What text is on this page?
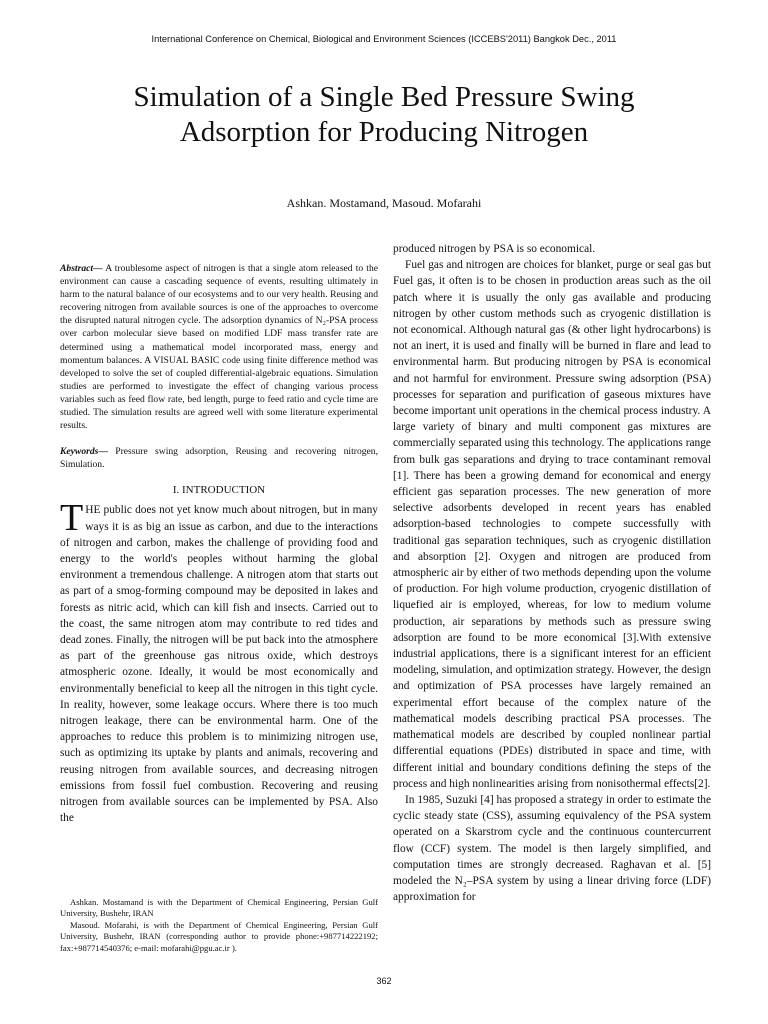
International Conference on Chemical, Biological and Environment Sciences (ICCEBS'2011) Bangkok Dec., 2011
Simulation of a Single Bed Pressure Swing
Adsorption for Producing Nitrogen
Ashkan. Mostamand, Masoud. Mofarahi

Abstract— A troublesome aspect of nitrogen is that a single atom released to the environment can cause a cascading sequence of events, resulting ultimately in harm to the natural balance of our ecosystems and to our very health. Reusing and recovering nitrogen from available sources is one of the approaches to overcome the disrupted natural nitrogen cycle. The adsorption dynamics of N₂-PSA process over carbon molecular sieve based on modified LDF mass transfer rate are determined using a mathematical model incorporated mass, energy and momentum balances. A VISUAL BASIC code using finite difference method was developed to solve the set of coupled differential-algebraic equations. Simulation studies are performed to investigate the effect of changing various process variables such as feed flow rate, bed length, purge to feed ratio and cycle time are studied. The simulation results are agreed well with some literature experimental results.

Keywords— Pressure swing adsorption, Reusing and recovering nitrogen, Simulation.

I. INTRODUCTION

THE public does not yet know much about nitrogen, but in many ways it is as big an issue as carbon, and due to the interactions of nitrogen and carbon, makes the challenge of providing food and energy to the world's peoples without harming the global environment a tremendous challenge. A nitrogen atom that starts out as part of a smog-forming compound may be deposited in lakes and forests as nitric acid, which can kill fish and insects. Carried out to the coast, the same nitrogen atom may contribute to red tides and dead zones. Finally, the nitrogen will be put back into the atmosphere as part of the greenhouse gas nitrous oxide, which destroys atmospheric ozone. Ideally, it would be most economically and environmentally beneficial to keep all the nitrogen in this tight cycle. In reality, however, some leakage occurs. Where there is too much nitrogen leakage, there can be environmental harm. One of the approaches to reduce this problem is to minimizing nitrogen use, such as optimizing its uptake by plants and animals, recovering and reusing nitrogen from available sources, and decreasing nitrogen emissions from fossil fuel combustion. Recovering and reusing nitrogen from available sources can be implemented by PSA. Also the

Ashkan. Mostamand is with the Department of Chemical Engineering, Persian Gulf University, Bushehr, IRAN

Masoud. Mofarahi, is with the Department of Chemical Engineering, Persian Gulf University, Bushehr, IRAN (corresponding author to provide phone:+987714222192; fax:+987714540376; e-mail: mofarahi@pgu.ac.ir ).

produced nitrogen by PSA is so economical.

Fuel gas and nitrogen are choices for blanket, purge or seal gas but Fuel gas, it often is to be chosen in production areas such as the oil patch where it is usually the only gas available and producing nitrogen by other custom methods such as cryogenic distillation is not economical. Although natural gas (& other light hydrocarbons) is not an inert, it is used and finally will be burned in flare and lead to environmental harm. But producing nitrogen by PSA is economical and not harmful for environment. Pressure swing adsorption (PSA) processes for separation and purification of gaseous mixtures have become important unit operations in the chemical process industry. A large variety of binary and multi component gas mixtures are commercially separated using this technology. The applications range from bulk gas separations and drying to trace contaminant removal [1]. There has been a growing demand for economical and energy efficient gas separation processes. The new generation of more selective adsorbents developed in recent years has enabled adsorption-based technologies to compete successfully with traditional gas separation techniques, such as cryogenic distillation and absorption [2]. Oxygen and nitrogen are produced from atmospheric air by either of two methods depending upon the volume of production. For high volume production, cryogenic distillation of liquefied air is employed, whereas, for low to medium volume production, air separations by methods such as pressure swing adsorption are found to be more economical [3].With extensive industrial applications, there is a significant interest for an efficient modeling, simulation, and optimization strategy. However, the design and optimization of PSA processes have largely remained an experimental effort because of the complex nature of the mathematical models describing practical PSA processes. The mathematical models are described by coupled nonlinear partial differential equations (PDEs) distributed in space and time, with different initial and boundary conditions defining the steps of the process and high nonlinearities arising from nonisothermal effects[2].

In 1985, Suzuki [4] has proposed a strategy in order to estimate the cyclic steady state (CSS), assuming equivalency of the PSA system operated on a Skarstrom cycle and the continuous countercurrent flow (CCF) system. The model is then largely simplified, and computation times are strongly decreased. Raghavan et al. [5] modeled the N₂–PSA system by using a linear driving force (LDF) approximation for

362
